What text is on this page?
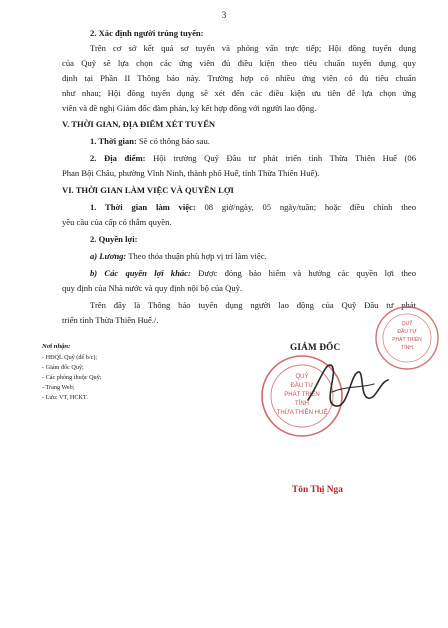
3
2. Xác định người trúng tuyển:
Trên cơ sở kết quả sơ tuyển và phỏng vấn trực tiếp; Hội đồng tuyển dụng
của Quỹ sẽ lựa chọn các ứng viên đủ điều kiện theo tiêu chuẩn tuyển dụng quy
định tại Phần II Thông báo này. Trường hợp có nhiều ứng viên có đủ tiêu chuẩn
như nhau; Hội đồng tuyển dụng sẽ xét đến các điều kiện ưu tiên để lựa chọn ứng
viên và đề nghị Giám đốc đàm phán, ký kết hợp đồng với người lao động.
V. THỜI GIAN, ĐỊA ĐIỂM XÉT TUYỂN
1. Thời gian: Sẽ có thông báo sau.
2. Địa điểm: Hội trường Quỹ Đầu tư phát triển tỉnh Thừa Thiên Huế (06
Phan Bội Châu, phường Vĩnh Ninh, thành phố Huế, tỉnh Thừa Thiên Huế).
VI. THỜI GIAN LÀM VIỆC VÀ QUYỀN LỢI
1. Thời gian làm việc: 08 giờ/ngày, 05 ngày/tuần; hoặc điều chỉnh theo
yêu cầu của cấp có thẩm quyền.
2. Quyền lợi:
a) Lương: Theo thỏa thuận phù hợp vị trí làm việc.
b) Các quyền lợi khác: Được đóng bảo hiểm và hưởng các quyền lợi theo
quy định của Nhà nước và quy định nội bộ của Quỹ.
Trên đây là Thông báo tuyển dụng người lao động của Quỹ Đầu tư phát
triển tỉnh Thừa Thiên Huế./.
Nơi nhận:
- HĐQL Quỹ (để b/c);
- Giám đốc Quỹ;
- Các phòng thuộc Quỹ;
- Trang Web;
- Lưu: VT, HCKT.
QUỸ
ĐẦU TƯ
PHÁT TRIỂN
TỈNH
GIÁM ĐỐC
QUỸ
ĐẦU TƯ
PHÁT TRIỂN
TỈNH
THỪA THIÊN HUẾ
Tôn Thị Nga
